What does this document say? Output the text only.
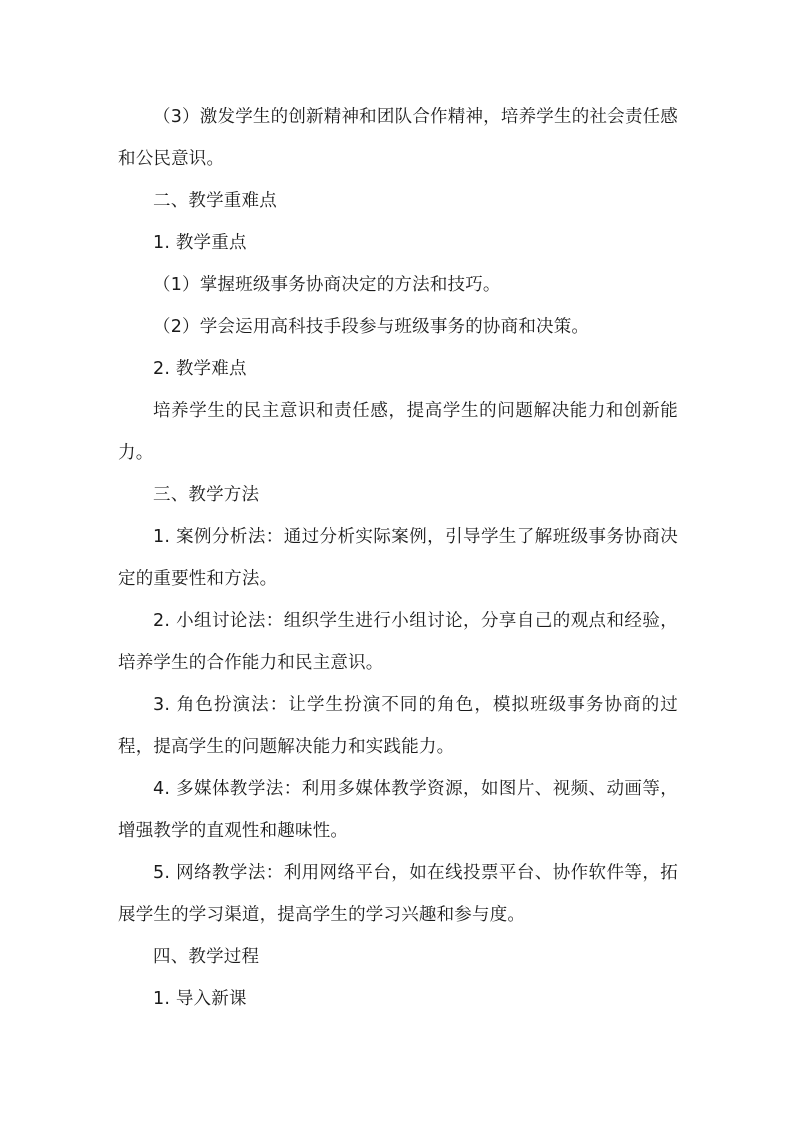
（3）激发学生的创新精神和团队合作精神，培养学生的社会责任感和公民意识。

二、教学重难点

1. 教学重点

（1）掌握班级事务协商决定的方法和技巧。

（2）学会运用高科技手段参与班级事务的协商和决策。

2. 教学难点

培养学生的民主意识和责任感，提高学生的问题解决能力和创新能力。

三、教学方法

1. 案例分析法：通过分析实际案例，引导学生了解班级事务协商决定的重要性和方法。

2. 小组讨论法：组织学生进行小组讨论，分享自己的观点和经验，培养学生的合作能力和民主意识。

3. 角色扮演法：让学生扮演不同的角色，模拟班级事务协商的过程，提高学生的问题解决能力和实践能力。

4. 多媒体教学法：利用多媒体教学资源，如图片、视频、动画等，增强教学的直观性和趣味性。

5. 网络教学法：利用网络平台，如在线投票平台、协作软件等，拓展学生的学习渠道，提高学生的学习兴趣和参与度。

四、教学过程

1. 导入新课
